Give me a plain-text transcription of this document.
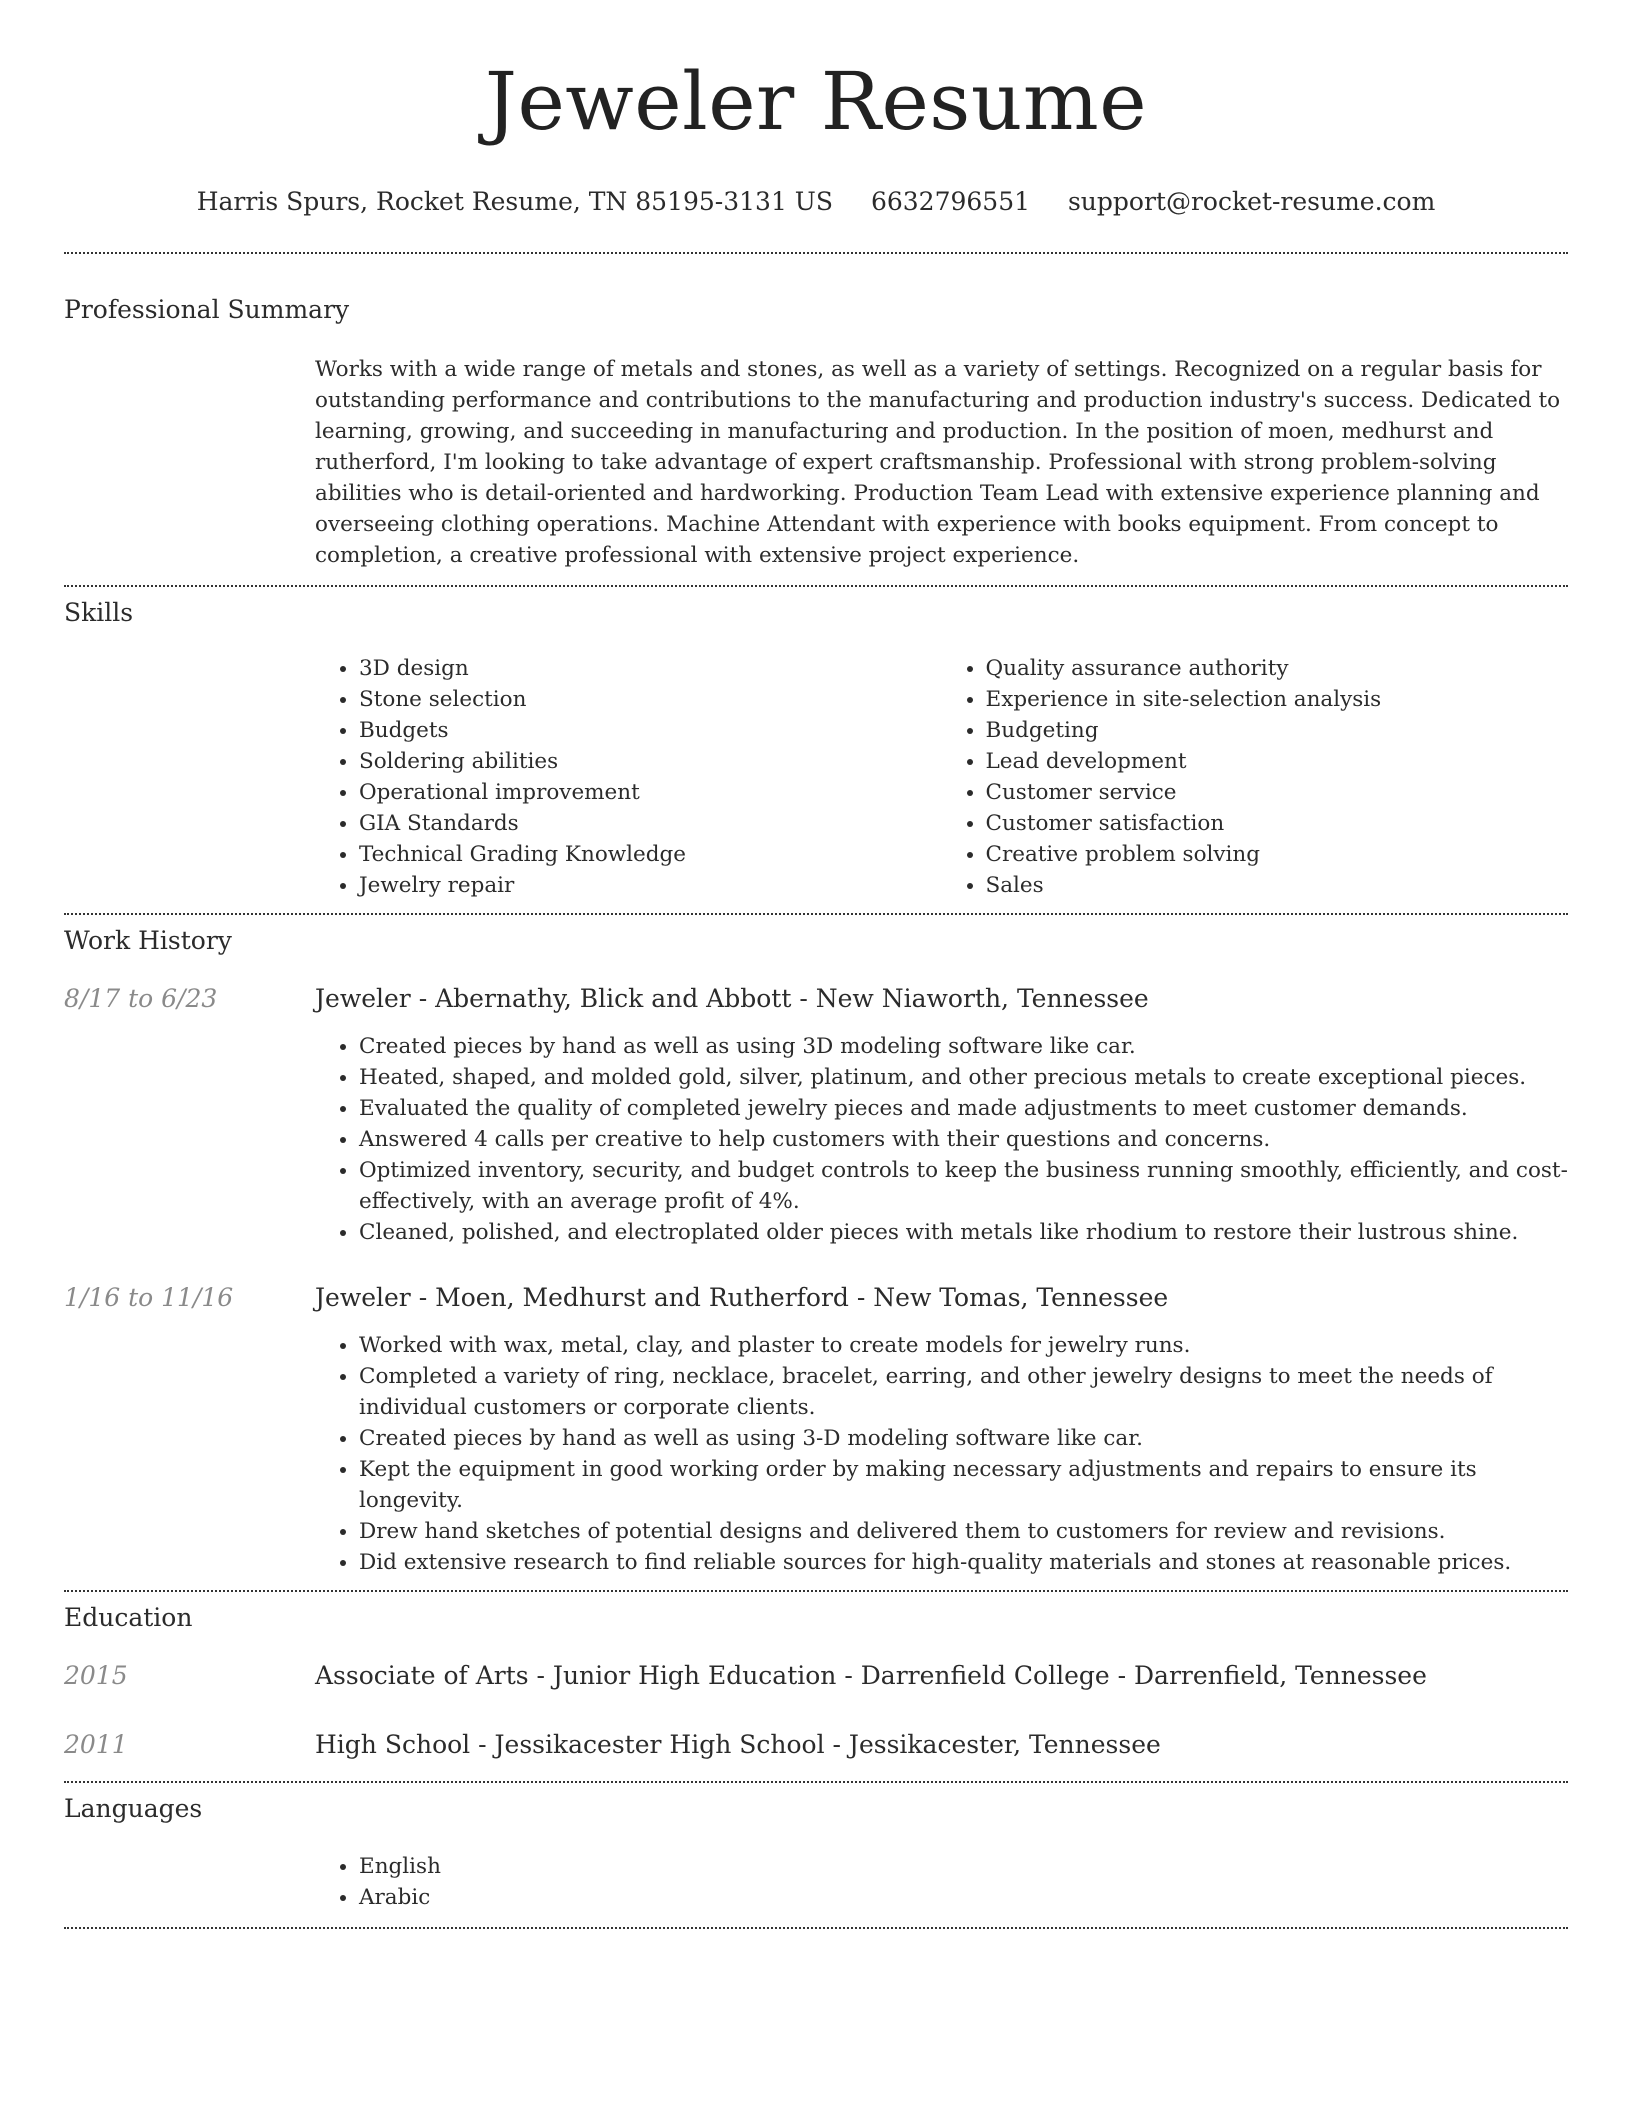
Jeweler Resume
Harris Spurs, Rocket Resume, TN 85195-3131 US 6632796551 support@rocket-resume.com
Professional Summary
Works with a wide range of metals and stones, as well as a variety of settings. Recognized on a regular basis for outstanding performance and contributions to the manufacturing and production industry's success. Dedicated to learning, growing, and succeeding in manufacturing and production. In the position of moen, medhurst and rutherford, I'm looking to take advantage of expert craftsmanship. Professional with strong problem-solving abilities who is detail-oriented and hardworking. Production Team Lead with extensive experience planning and overseeing clothing operations. Machine Attendant with experience with books equipment. From concept to completion, a creative professional with extensive project experience.
Skills
• 3D design
• Stone selection
• Budgets
• Soldering abilities
• Operational improvement
• GIA Standards
• Technical Grading Knowledge
• Jewelry repair
• Quality assurance authority
• Experience in site-selection analysis
• Budgeting
• Lead development
• Customer service
• Customer satisfaction
• Creative problem solving
• Sales
Work History
8/17 to 6/23	Jeweler - Abernathy, Blick and Abbott - New Niaworth, Tennessee
• Created pieces by hand as well as using 3D modeling software like car.
• Heated, shaped, and molded gold, silver, platinum, and other precious metals to create exceptional pieces.
• Evaluated the quality of completed jewelry pieces and made adjustments to meet customer demands.
• Answered 4 calls per creative to help customers with their questions and concerns.
• Optimized inventory, security, and budget controls to keep the business running smoothly, efficiently, and cost-effectively, with an average profit of 4%.
• Cleaned, polished, and electroplated older pieces with metals like rhodium to restore their lustrous shine.
1/16 to 11/16	Jeweler - Moen, Medhurst and Rutherford - New Tomas, Tennessee
• Worked with wax, metal, clay, and plaster to create models for jewelry runs.
• Completed a variety of ring, necklace, bracelet, earring, and other jewelry designs to meet the needs of individual customers or corporate clients.
• Created pieces by hand as well as using 3-D modeling software like car.
• Kept the equipment in good working order by making necessary adjustments and repairs to ensure its longevity.
• Drew hand sketches of potential designs and delivered them to customers for review and revisions.
• Did extensive research to find reliable sources for high-quality materials and stones at reasonable prices.
Education
2015	Associate of Arts - Junior High Education - Darrenfield College - Darrenfield, Tennessee
2011	High School - Jessikacester High School - Jessikacester, Tennessee
Languages
• English
• Arabic
